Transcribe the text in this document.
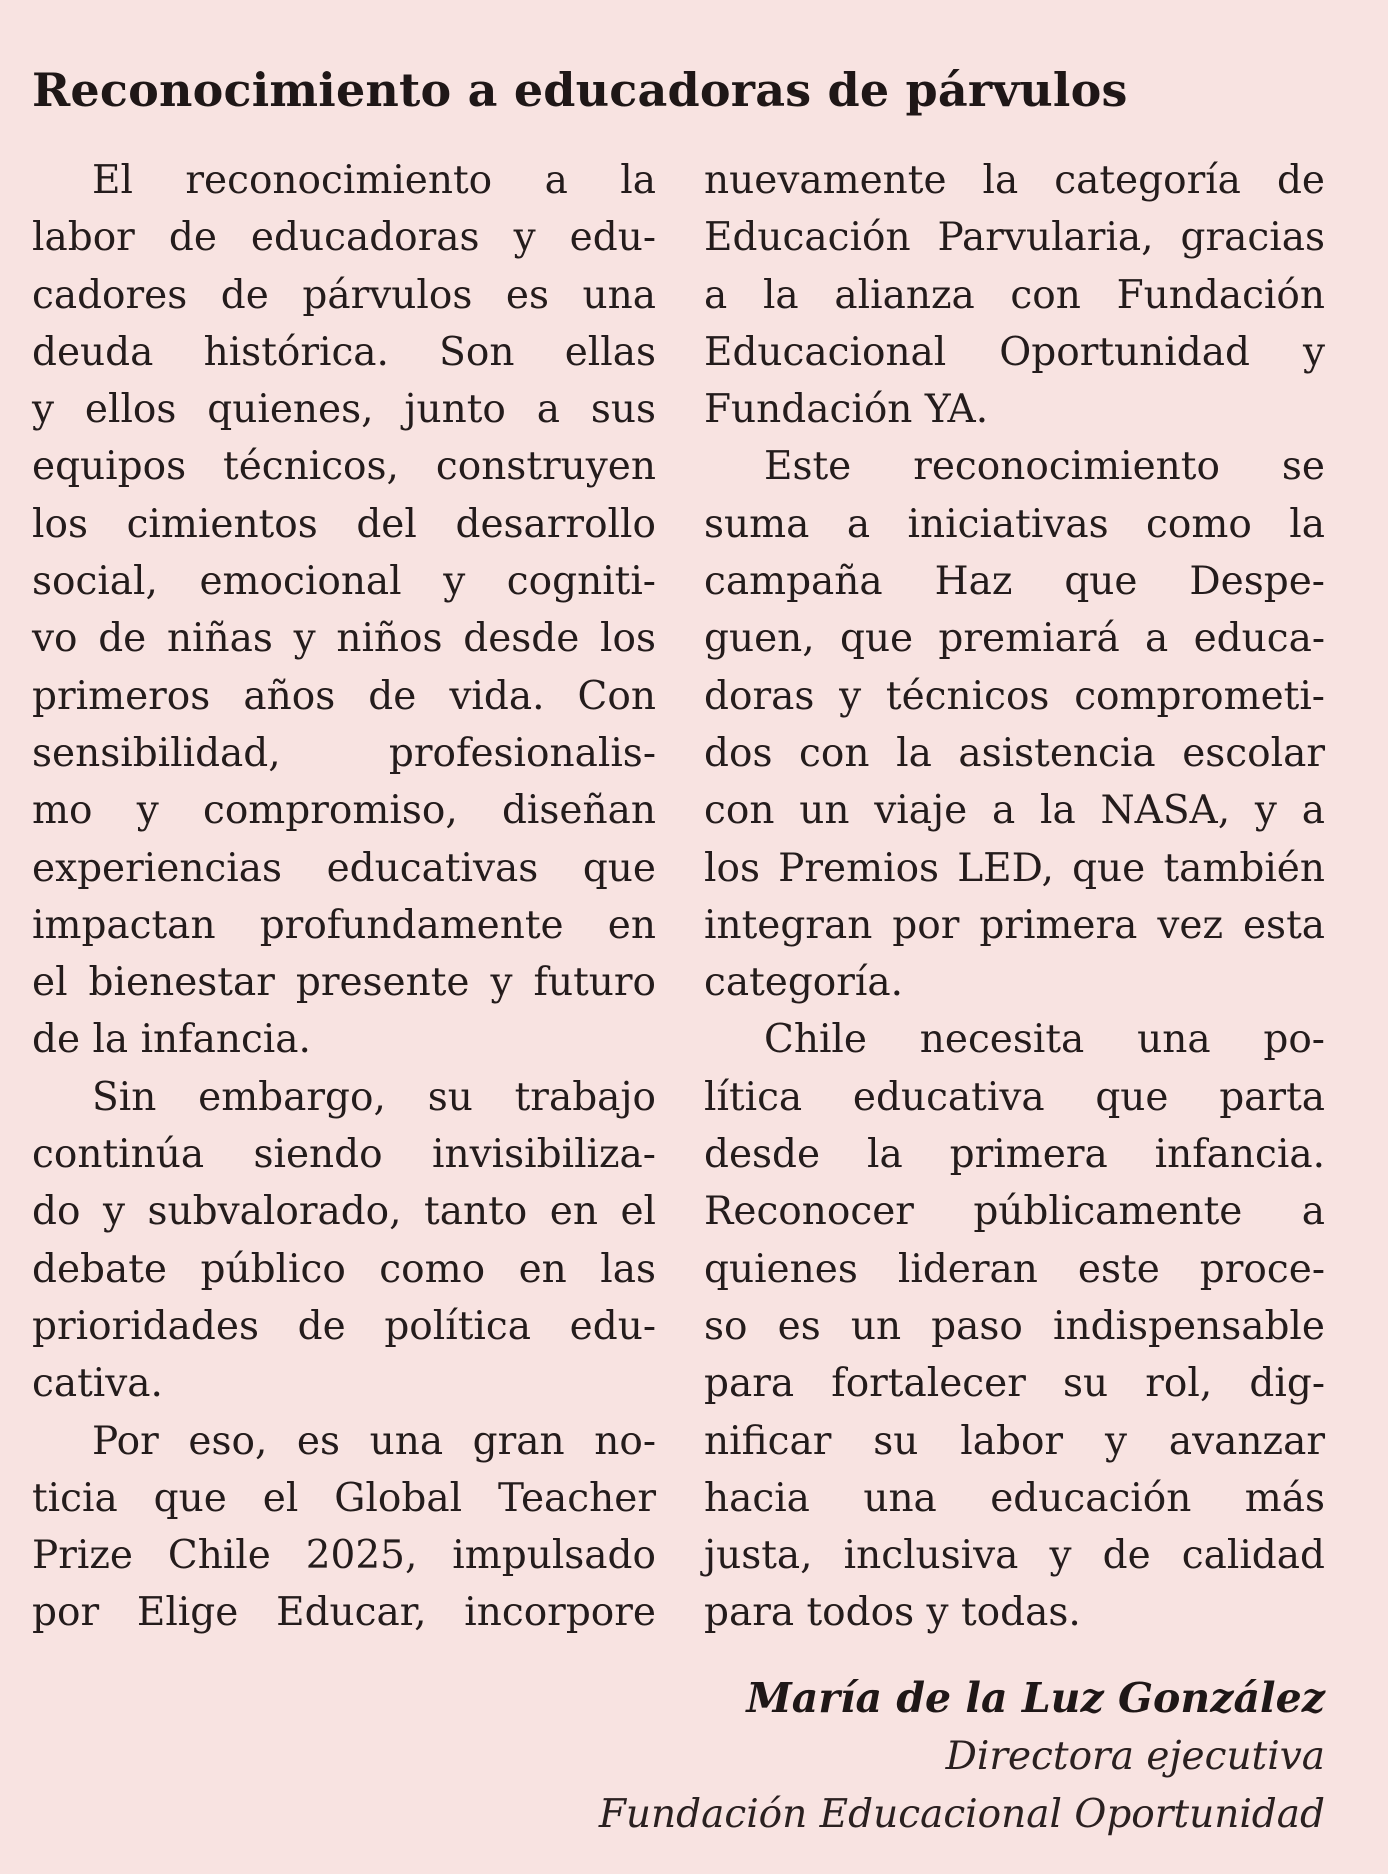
Reconocimiento a educadoras de párvulos
El reconocimiento a la
labor de educadoras y edu-
cadores de párvulos es una
deuda histórica. Son ellas
y ellos quienes, junto a sus
equipos técnicos, construyen
los cimientos del desarrollo
social, emocional y cogniti-
vo de niñas y niños desde los
primeros años de vida. Con
sensibilidad, profesionalis-
mo y compromiso, diseñan
experiencias educativas que
impactan profundamente en
el bienestar presente y futuro
de la infancia.
Sin embargo, su trabajo
continúa siendo invisibiliza-
do y subvalorado, tanto en el
debate público como en las
prioridades de política edu-
cativa.
Por eso, es una gran no-
ticia que el Global Teacher
Prize Chile 2025, impulsado
por Elige Educar, incorpore
nuevamente la categoría de
Educación Parvularia, gracias
a la alianza con Fundación
Educacional Oportunidad y
Fundación YA.
Este reconocimiento se
suma a iniciativas como la
campaña Haz que Despe-
guen, que premiará a educa-
doras y técnicos comprometi-
dos con la asistencia escolar
con un viaje a la NASA, y a
los Premios LED, que también
integran por primera vez esta
categoría.
Chile necesita una po-
lítica educativa que parta
desde la primera infancia.
Reconocer públicamente a
quienes lideran este proce-
so es un paso indispensable
para fortalecer su rol, dig-
nificar su labor y avanzar
hacia una educación más
justa, inclusiva y de calidad
para todos y todas.
María de la Luz González
Directora ejecutiva
Fundación Educacional Oportunidad
